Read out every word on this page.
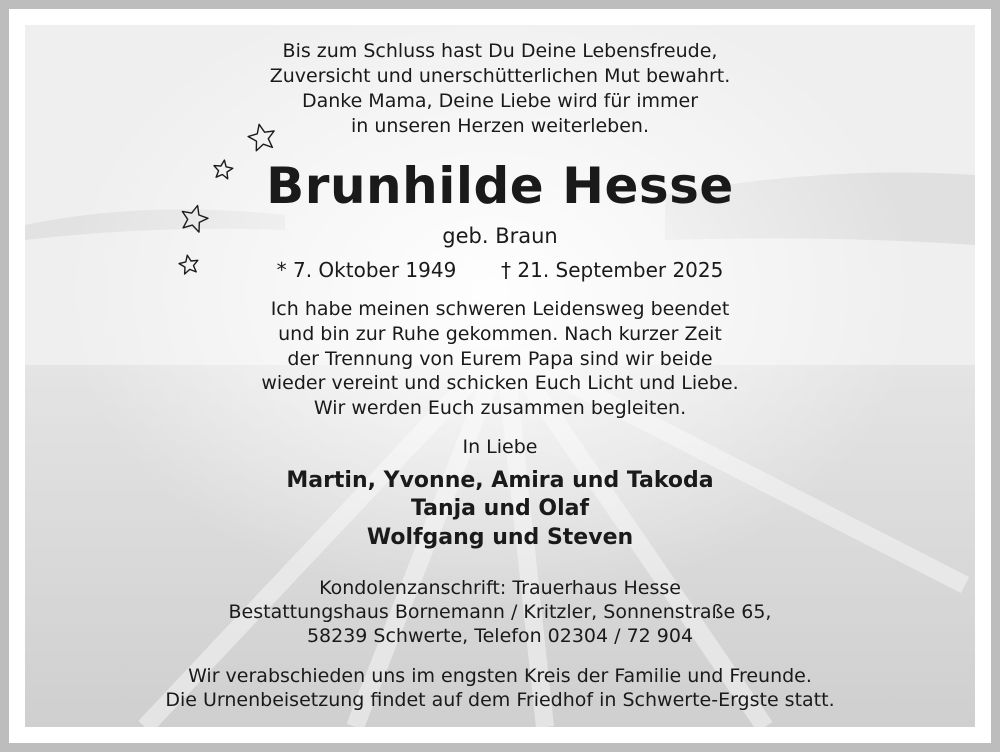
Bis zum Schluss hast Du Deine Lebensfreude,
Zuversicht und unerschütterlichen Mut bewahrt.
Danke Mama, Deine Liebe wird für immer
in unseren Herzen weiterleben.
Brunhilde Hesse
geb. Braun
* 7. Oktober 1949 † 21. September 2025
Ich habe meinen schweren Leidensweg beendet
und bin zur Ruhe gekommen. Nach kurzer Zeit
der Trennung von Eurem Papa sind wir beide
wieder vereint und schicken Euch Licht und Liebe.
Wir werden Euch zusammen begleiten.
In Liebe
Martin, Yvonne, Amira und Takoda
Tanja und Olaf
Wolfgang und Steven
Kondolenzanschrift: Trauerhaus Hesse
Bestattungshaus Bornemann / Kritzler, Sonnenstraße 65,
58239 Schwerte, Telefon 02304 / 72 904
Wir verabschieden uns im engsten Kreis der Familie und Freunde.
Die Urnenbeisetzung findet auf dem Friedhof in Schwerte-Ergste statt.
